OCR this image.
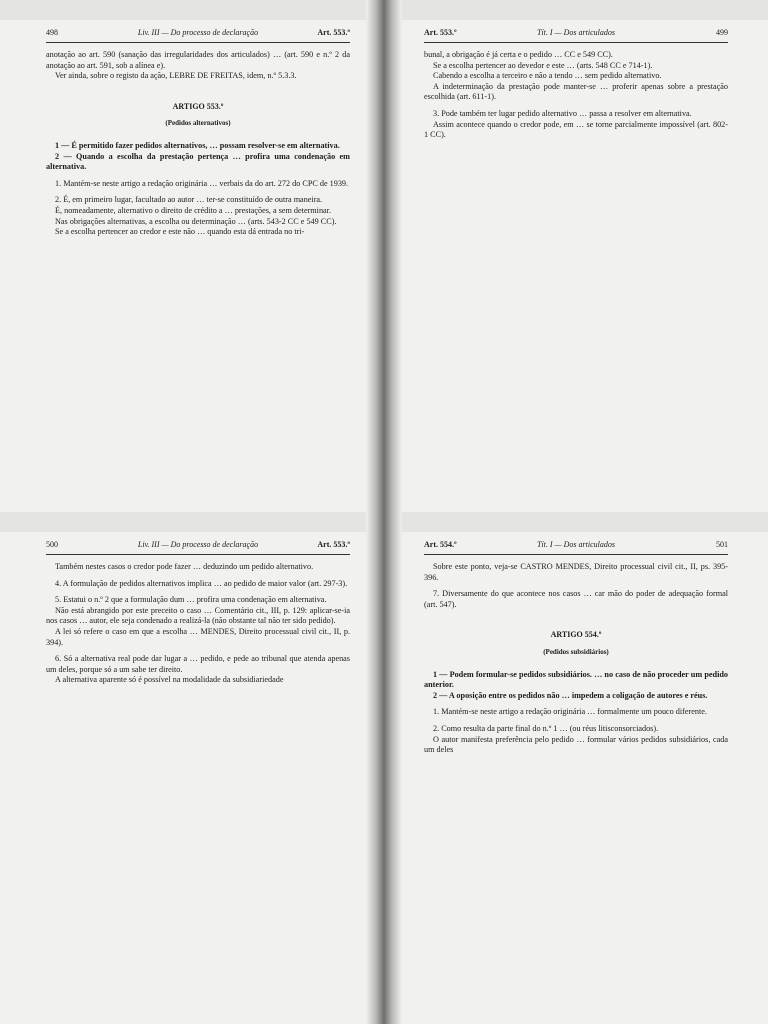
498	Liv. III — Do processo de declaração	Art. 553.º

anotação ao art. 590 (sanação das irregularidades dos articulados) … (art. 590 e n.º 2 da anotação ao art. 591, sob a alínea e).

Ver ainda, sobre o registo da ação, LEBRE DE FREITAS, idem, n.º 5.3.3.

ARTIGO 553.º

(Pedidos alternativos)

1 — É permitido fazer pedidos alternativos, … possam resolver-se em alternativa.

2 — Quando a escolha da prestação pertença … profira uma condenação em alternativa.

1. Mantém-se neste artigo a redação originária … verbais da do art. 272 do CPC de 1939.

2. É, em primeiro lugar, facultado ao autor … ter-se constituído de outra maneira.

É, nomeadamente, alternativo o direito de crédito a … prestações, a sem determinar.

Nas obrigações alternativas, a escolha ou determinação … (arts. 543-2 CC e 549 CC).

Se a escolha pertencer ao credor e este não … quando esta dá entrada no tri-

Art. 553.º	Tít. I — Dos articulados	499

bunal, a obrigação é já certa e o pedido … CC e 549 CC).

Se a escolha pertencer ao devedor e este … (arts. 548 CC e 714-1).

Cabendo a escolha a terceiro e não a tendo … sem pedido alternativo.

A indeterminação da prestação pode manter-se … proferir apenas sobre a prestação escolhida (art. 611-1).

3. Pode também ter lugar pedido alternativo … passa a resolver em alternativa.

Assim acontece quando o credor pode, em … se torne parcialmente impossível (art. 802-1 CC).

500	Liv. III — Do processo de declaração	Art. 553.º

Também nestes casos o credor pode fazer … deduzindo um pedido alternativo.

4. A formulação de pedidos alternativos implica … ao pedido de maior valor (art. 297-3).

5. Estatui o n.º 2 que a formulação dum … profira uma condenação em alternativa.

Não está abrangido por este preceito o caso … Comentário cit., III, p. 129: aplicar-se-ia nos casos … autor, ele seja condenado a realizá-la (não obstante tal não ter sido pedido).

A lei só refere o caso em que a escolha … MENDES, Direito processual civil cit., II, p. 394).

6. Só a alternativa real pode dar lugar a … pedido, e pede ao tribunal que atenda apenas um deles, porque só a um sabe ter direito.

A alternativa aparente só é possível na modalidade da subsidiariedade

Art. 554.º	Tít. I — Dos articulados	501

Sobre este ponto, veja-se CASTRO MENDES, Direito processual civil cit., II, ps. 395-396.

7. Diversamente do que acontece nos casos … car mão do poder de adequação formal (art. 547).

ARTIGO 554.º

(Pedidos subsidiários)

1 — Podem formular-se pedidos subsidiários. … no caso de não proceder um pedido anterior.

2 — A oposição entre os pedidos não … impedem a coligação de autores e réus.

1. Mantém-se neste artigo a redação originária … formalmente um pouco diferente.

2. Como resulta da parte final do n.º 1 … (ou réus litisconsorciados).

O autor manifesta preferência pelo pedido … formular vários pedidos subsidiários, cada um deles
